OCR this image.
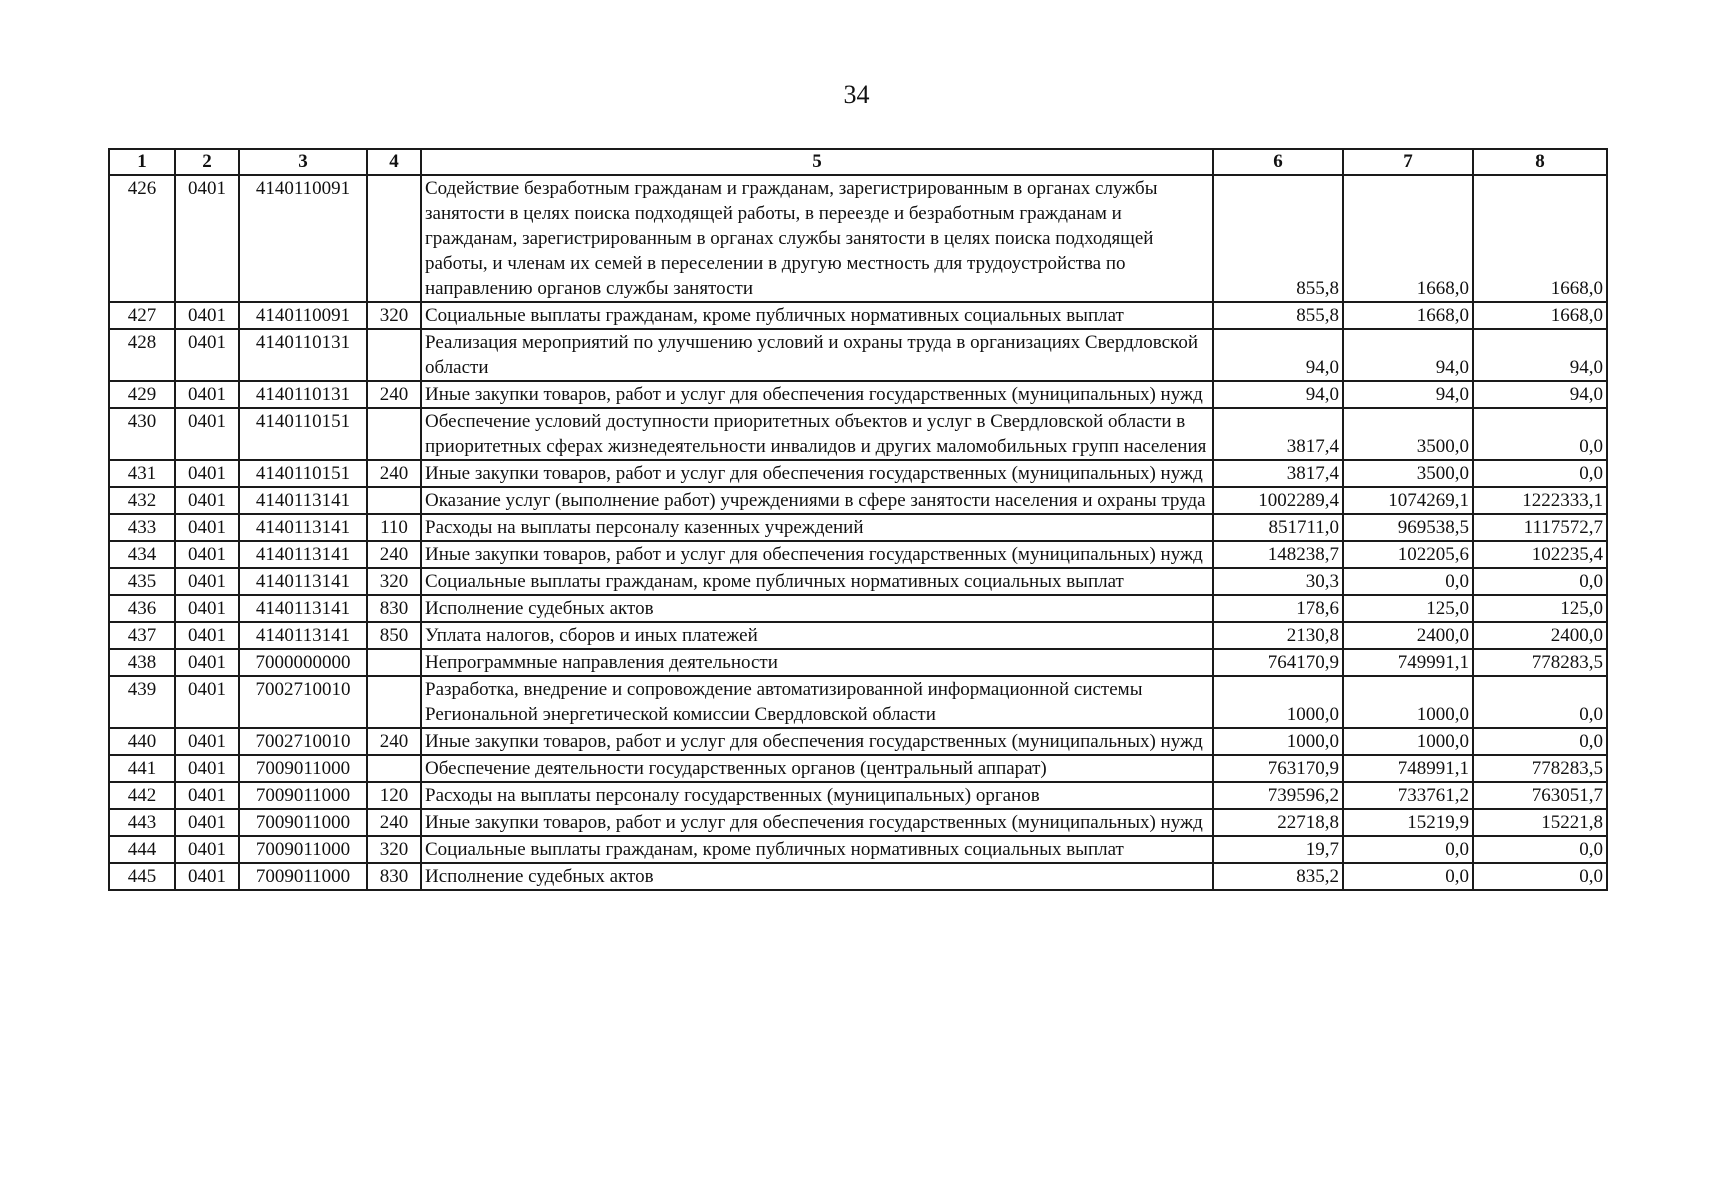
34
1	2	3	4	5	6	7	8
426	0401	4140110091		Содействие безработным гражданам и гражданам, зарегистрированным в органах службы занятости в целях поиска подходящей работы, в переезде и безработным гражданам и гражданам, зарегистрированным в органах службы занятости в целях поиска подходящей работы, и членам их семей в переселении в другую местность для трудоустройства по направлению органов службы занятости	855,8	1668,0	1668,0
427	0401	4140110091	320	Социальные выплаты гражданам, кроме публичных нормативных социальных выплат	855,8	1668,0	1668,0
428	0401	4140110131		Реализация мероприятий по улучшению условий и охраны труда в организациях Свердловской области	94,0	94,0	94,0
429	0401	4140110131	240	Иные закупки товаров, работ и услуг для обеспечения государственных (муниципальных) нужд	94,0	94,0	94,0
430	0401	4140110151		Обеспечение условий доступности приоритетных объектов и услуг в Свердловской области в приоритетных сферах жизнедеятельности инвалидов и других маломобильных групп населения	3817,4	3500,0	0,0
431	0401	4140110151	240	Иные закупки товаров, работ и услуг для обеспечения государственных (муниципальных) нужд	3817,4	3500,0	0,0
432	0401	4140113141		Оказание услуг (выполнение работ) учреждениями в сфере занятости населения и охраны труда	1002289,4	1074269,1	1222333,1
433	0401	4140113141	110	Расходы на выплаты персоналу казенных учреждений	851711,0	969538,5	1117572,7
434	0401	4140113141	240	Иные закупки товаров, работ и услуг для обеспечения государственных (муниципальных) нужд	148238,7	102205,6	102235,4
435	0401	4140113141	320	Социальные выплаты гражданам, кроме публичных нормативных социальных выплат	30,3	0,0	0,0
436	0401	4140113141	830	Исполнение судебных актов	178,6	125,0	125,0
437	0401	4140113141	850	Уплата налогов, сборов и иных платежей	2130,8	2400,0	2400,0
438	0401	7000000000		Непрограммные направления деятельности	764170,9	749991,1	778283,5
439	0401	7002710010		Разработка, внедрение и сопровождение автоматизированной информационной системы Региональной энергетической комиссии Свердловской области	1000,0	1000,0	0,0
440	0401	7002710010	240	Иные закупки товаров, работ и услуг для обеспечения государственных (муниципальных) нужд	1000,0	1000,0	0,0
441	0401	7009011000		Обеспечение деятельности государственных органов (центральный аппарат)	763170,9	748991,1	778283,5
442	0401	7009011000	120	Расходы на выплаты персоналу государственных (муниципальных) органов	739596,2	733761,2	763051,7
443	0401	7009011000	240	Иные закупки товаров, работ и услуг для обеспечения государственных (муниципальных) нужд	22718,8	15219,9	15221,8
444	0401	7009011000	320	Социальные выплаты гражданам, кроме публичных нормативных социальных выплат	19,7	0,0	0,0
445	0401	7009011000	830	Исполнение судебных актов	835,2	0,0	0,0
